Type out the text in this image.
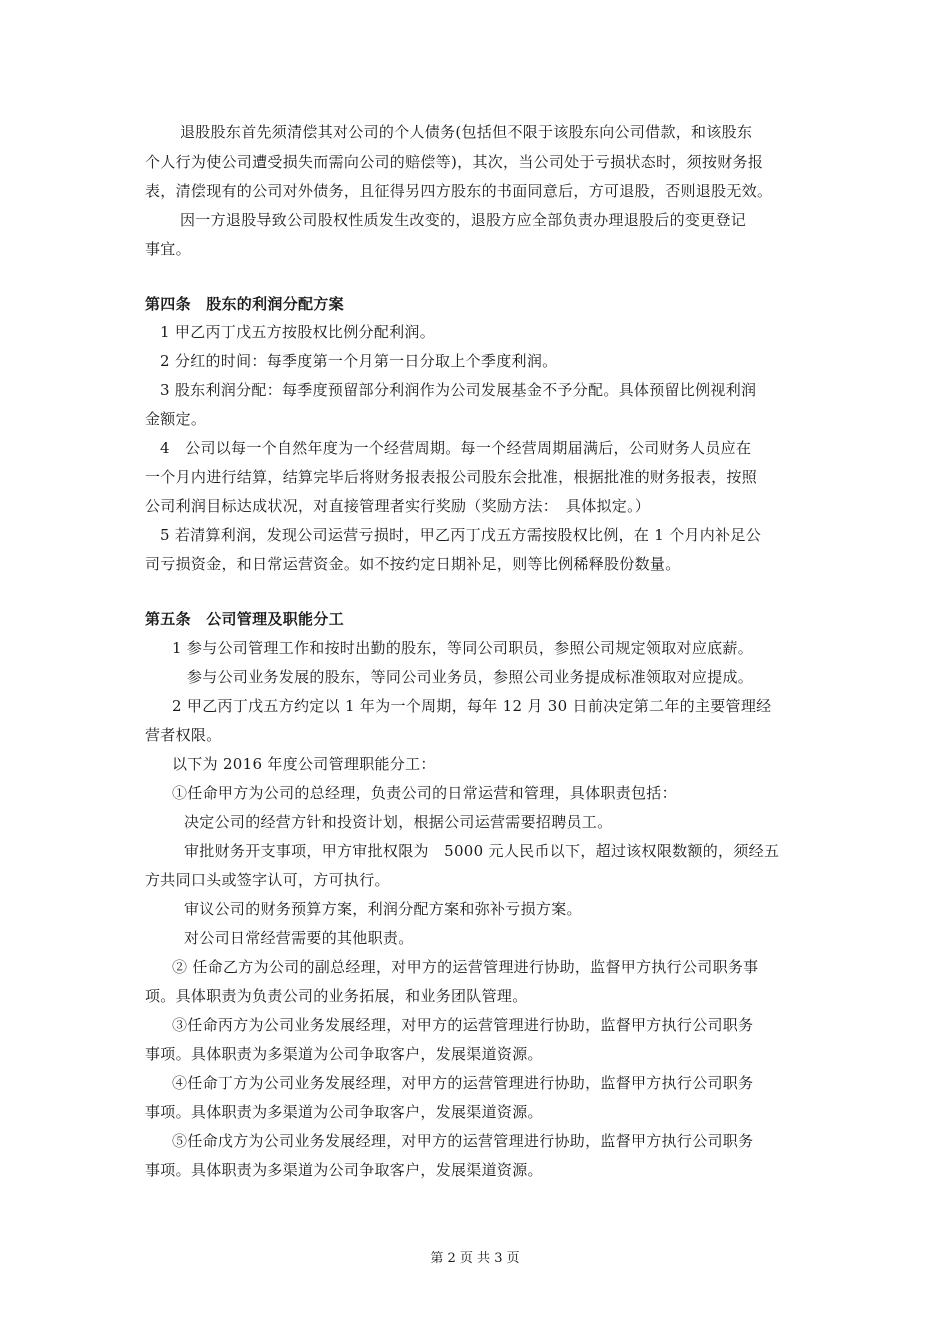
退股股东首先须清偿其对公司的个人债务(包括但不限于该股东向公司借款，和该股东
个人行为使公司遭受损失而需向公司的赔偿等)，其次，当公司处于亏损状态时，须按财务报
表，清偿现有的公司对外债务，且征得另四方股东的书面同意后，方可退股，否则退股无效。
因一方退股导致公司股权性质发生改变的，退股方应全部负责办理退股后的变更登记
事宜。
第四条　股东的利润分配方案
1 甲乙丙丁戊五方按股权比例分配利润。
2 分红的时间：每季度第一个月第一日分取上个季度利润。
3 股东利润分配：每季度预留部分利润作为公司发展基金不予分配。具体预留比例视利润
金额定。
4　公司以每一个自然年度为一个经营周期。每一个经营周期届满后，公司财务人员应在
一个月内进行结算，结算完毕后将财务报表报公司股东会批准，根据批准的财务报表，按照
公司利润目标达成状况，对直接管理者实行奖励（奖励方法：　具体拟定。）
5 若清算利润，发现公司运营亏损时，甲乙丙丁戊五方需按股权比例，在 1 个月内补足公
司亏损资金，和日常运营资金。如不按约定日期补足，则等比例稀释股份数量。
第五条　公司管理及职能分工
1 参与公司管理工作和按时出勤的股东，等同公司职员，参照公司规定领取对应底薪。
参与公司业务发展的股东，等同公司业务员，参照公司业务提成标准领取对应提成。
2 甲乙丙丁戊五方约定以 1 年为一个周期，每年 12 月 30 日前决定第二年的主要管理经
营者权限。
以下为 2016 年度公司管理职能分工：
①任命甲方为公司的总经理，负责公司的日常运营和管理，具体职责包括：
决定公司的经营方针和投资计划，根据公司运营需要招聘员工。
审批财务开支事项，甲方审批权限为　5000 元人民币以下，超过该权限数额的，须经五
方共同口头或签字认可，方可执行。
审议公司的财务预算方案，利润分配方案和弥补亏损方案。
对公司日常经营需要的其他职责。
② 任命乙方为公司的副总经理，对甲方的运营管理进行协助，监督甲方执行公司职务事
项。具体职责为负责公司的业务拓展，和业务团队管理。
③任命丙方为公司业务发展经理，对甲方的运营管理进行协助，监督甲方执行公司职务
事项。具体职责为多渠道为公司争取客户，发展渠道资源。
④任命丁方为公司业务发展经理，对甲方的运营管理进行协助，监督甲方执行公司职务
事项。具体职责为多渠道为公司争取客户，发展渠道资源。
⑤任命戊方为公司业务发展经理，对甲方的运营管理进行协助，监督甲方执行公司职务
事项。具体职责为多渠道为公司争取客户，发展渠道资源。
第 2 页 共 3 页
